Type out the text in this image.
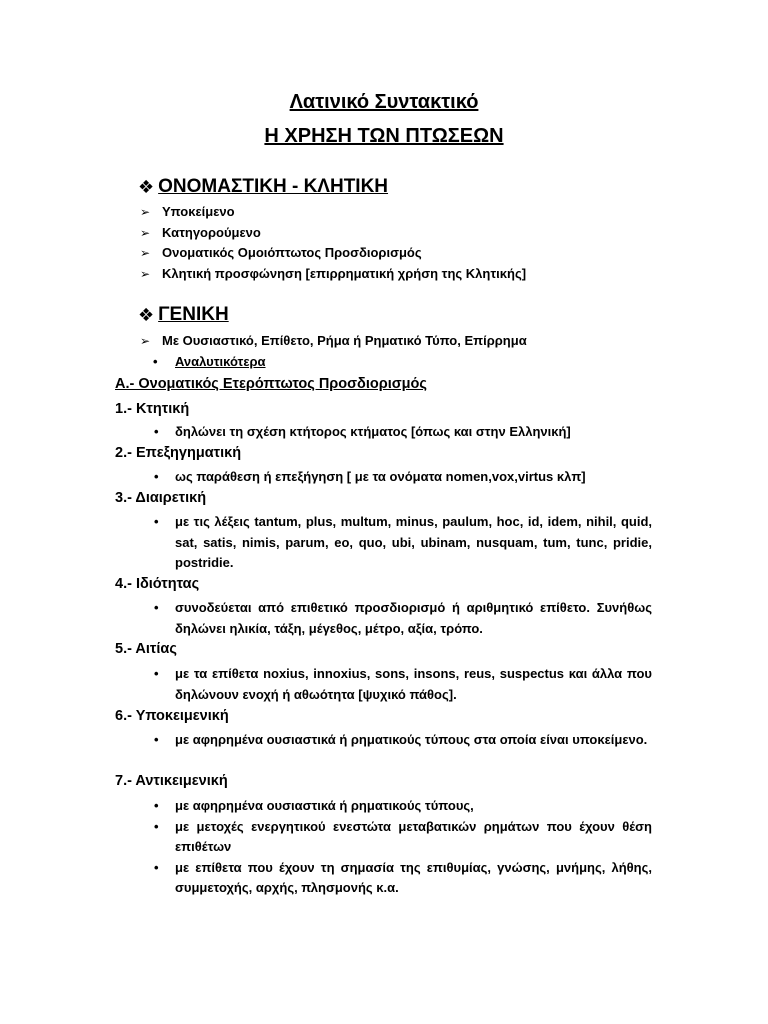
Λατινικό Συντακτικό
Η ΧΡΗΣΗ ΤΩΝ ΠΤΩΣΕΩΝ
❖ ΟΝΟΜΑΣΤΙΚΗ - ΚΛΗΤΙΚΗ
➢ Υποκείμενο
➢ Κατηγορούμενο
➢ Ονοματικός Ομοιόπτωτος Προσδιορισμός
➢ Κλητική προσφώνηση [επιρρηματική χρήση της Κλητικής]
❖ ΓΕΝΙΚΗ
➢ Με Ουσιαστικό, Επίθετο, Ρήμα ή Ρηματικό Τύπο, Επίρρημα
•	Αναλυτικότερα
Α.- Ονοματικός Ετερόπτωτος Προσδιορισμός
1.- Κτητική
•	δηλώνει τη σχέση κτήτορος κτήματος [όπως και στην Ελληνική]
2.- Επεξηγηματική
•	ως παράθεση ή επεξήγηση [ με τα ονόματα nomen,vox,virtus κλπ]
3.- Διαιρετική
•	με τις λέξεις tantum, plus, multum, minus, paulum, hoc, id, idem, nihil, quid, sat, satis, nimis, parum, eo, quo, ubi, ubinam, nusquam, tum, tunc, pridie, postridie.
4.- Ιδιότητας
•	συνοδεύεται από επιθετικό προσδιορισμό ή αριθμητικό επίθετο. Συνήθως δηλώνει ηλικία, τάξη, μέγεθος, μέτρο, αξία, τρόπο.
5.- Αιτίας
•	με τα επίθετα noxius, innoxius, sons, insons, reus, suspectus και άλλα που δηλώνουν ενοχή ή αθωότητα [ψυχικό πάθος].
6.- Υποκειμενική
•	με αφηρημένα ουσιαστικά ή ρηματικούς τύπους στα οποία είναι υποκείμενο.
7.- Αντικειμενική
•	με αφηρημένα ουσιαστικά ή ρηματικούς τύπους,
•	με μετοχές ενεργητικού ενεστώτα μεταβατικών ρημάτων που έχουν θέση επιθέτων
•	με επίθετα που έχουν τη σημασία της επιθυμίας, γνώσης, μνήμης, λήθης, συμμετοχής, αρχής, πλησμονής κ.α.
